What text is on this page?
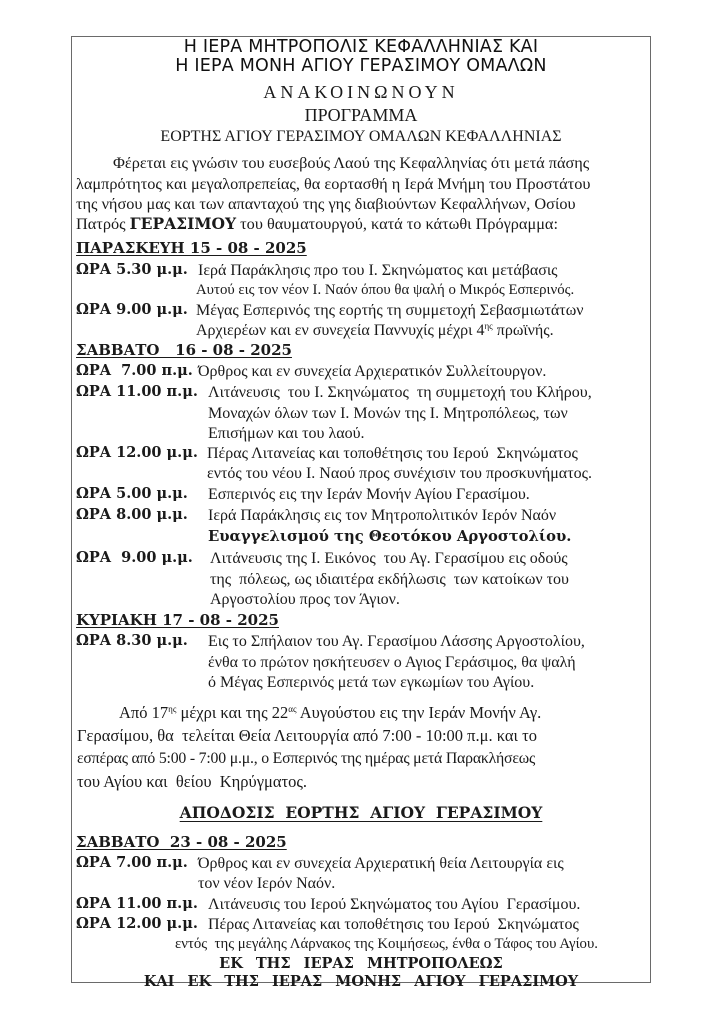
Η ΙΕΡΑ ΜΗΤΡΟΠΟΛΙΣ ΚΕΦΑΛΛΗΝΙΑΣ ΚΑΙ
Η ΙΕΡΑ ΜΟΝΗ ΑΓΙΟΥ ΓΕΡΑΣΙΜΟΥ ΟΜΑΛΩΝ
ΑΝΑΚΟΙΝΩΝΟΥΝ
ΠΡΟΓΡΑΜΜΑ
ΕΟΡΤΗΣ ΑΓΙΟΥ ΓΕΡΑΣΙΜΟΥ ΟΜΑΛΩΝ ΚΕΦΑΛΛΗΝΙΑΣ
Φέρεται εις γνώσιν του ευσεβούς Λαού της Κεφαλληνίας ότι μετά πάσης
λαμπρότητος και μεγαλοπρεπείας, θα εορτασθή η Ιερά Μνήμη του Προστάτου
της νήσου μας και των απανταχού της γης διαβιούντων Κεφαλλήνων, Οσίου
Πατρός ΓΕΡΑΣΙΜΟΥ του θαυματουργού, κατά το κάτωθι Πρόγραμμα:
ΠΑΡΑΣΚΕΥΗ 15 - 08 - 2025
ΩΡΑ 5.30 μ.μ. Ιερά Παράκλησις προ του Ι. Σκηνώματος και μετάβασις
Αυτού εις τον νέον Ι. Ναόν όπου θα ψαλή ο Μικρός Εσπερινός.
ΩΡΑ 9.00 μ.μ. Μέγας Εσπερινός της εορτής τη συμμετοχή Σεβασμιωτάτων
Αρχιερέων και εν συνεχεία Παννυχίς μέχρι $4^{\eta\varsigma}$ πρωϊνής.
ΣΑΒΒΑΤΟ   16 - 08 - 2025
ΩΡΑ  7.00 π.μ. Όρθρος και εν συνεχεία Αρχιερατικόν Συλλείτουργον.
ΩΡΑ 11.00 π.μ. Λιτάνευσις  του Ι. Σκηνώματος  τη συμμετοχή του Κλήρου,
Μοναχών όλων των Ι. Μονών της Ι. Μητροπόλεως, των
Επισήμων και του λαού.
ΩΡΑ 12.00 μ.μ. Πέρας Λιτανείας και τοποθέτησις του Ιερού  Σκηνώματος
εντός του νέου Ι. Ναού προς συνέχισιν του προσκυνήματος.
ΩΡΑ 5.00 μ.μ. Εσπερινός εις την Ιεράν Μονήν Αγίου Γερασίμου.
ΩΡΑ 8.00 μ.μ. Ιερά Παράκλησις εις τον Μητροπολιτικόν Ιερόν Ναόν
Ευαγγελισμού της Θεοτόκου Αργοστολίου.
ΩΡΑ  9.00 μ.μ. Λιτάνευσις της Ι. Εικόνος  του Αγ. Γερασίμου εις οδούς
της  πόλεως, ως ιδιαιτέρα εκδήλωσις  των κατοίκων του
Αργοστολίου προς τον Άγιον.
ΚΥΡΙΑΚΗ 17 - 08 - 2025
ΩΡΑ 8.30 μ.μ. Εις το Σπήλαιον του Αγ. Γερασίμου Λάσσης Αργοστολίου,
ένθα το πρώτον ησκήτευσεν ο Αγιος Γεράσιμος, θα ψαλή
ό Μέγας Εσπερινός μετά των εγκωμίων του Αγίου.
Από $17^{\eta\varsigma}$ μέχρι και της $22^{\alpha\varsigma}$ Αυγούστου εις την Ιεράν Μονήν Αγ.
Γερασίμου, θα  τελείται Θεία Λειτουργία από 7:00 - 10:00 π.μ. και το
εσπέρας από 5:00 - 7:00 μ.μ., ο Εσπερινός της ημέρας μετά Παρακλήσεως
του Αγίου και  θείου  Κηρύγματος.
ΑΠΟΔΟΣΙΣ  ΕΟΡΤΗΣ  ΑΓΙΟΥ  ΓΕΡΑΣΙΜΟΥ
ΣΑΒΒΑΤΟ  23 - 08 - 2025
ΩΡΑ 7.00 π.μ. Όρθρος και εν συνεχεία Αρχιερατική θεία Λειτουργία εις
τον νέον Ιερόν Ναόν.
ΩΡΑ 11.00 π.μ. Λιτάνευσις του Ιερού Σκηνώματος του Αγίου  Γερασίμου.
ΩΡΑ 12.00 μ.μ. Πέρας Λιτανείας και τοποθέτησις του Ιερού  Σκηνώματος
εντός  της μεγάλης Λάρνακος της Κοιμήσεως, ένθα ο Τάφος του Αγίου.
ΕΚ ΤΗΣ ΙΕΡΑΣ ΜΗΤΡΟΠΟΛΕΩΣ
ΚΑΙ ΕΚ ΤΗΣ ΙΕΡΑΣ ΜΟΝΗΣ ΑΓΙΟΥ ΓΕΡΑΣΙΜΟΥ
